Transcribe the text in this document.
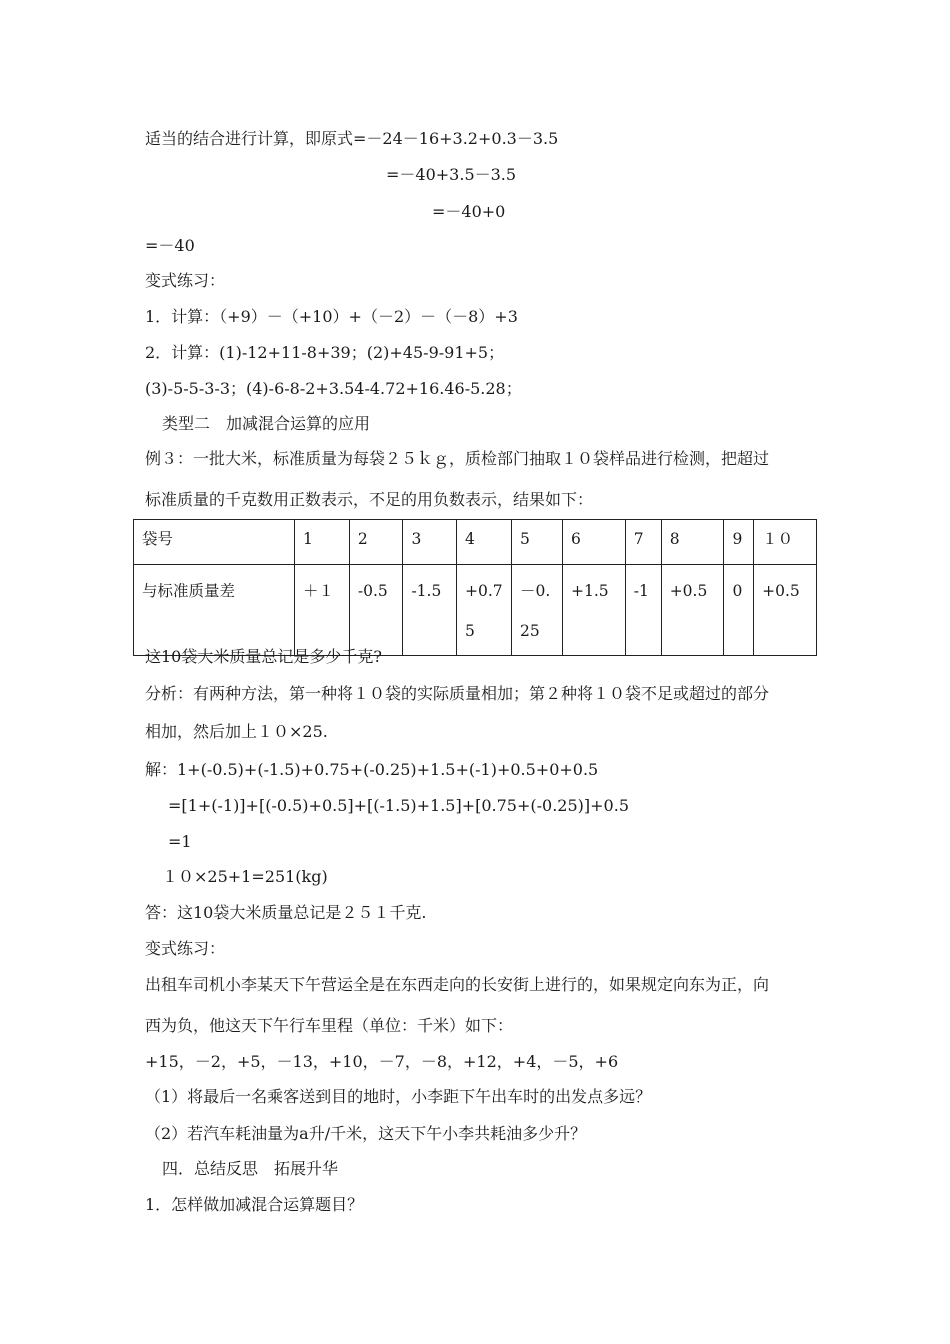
适当的结合进行计算，即原式=－24－16+3.2+0.3－3.5
=－40+3.5－3.5
=－40+0
=－40
变式练习：
1．计算：（+9）－（+10）+（－2）－（－8）+3
2．计算：(1)-12+11-8+39；(2)+45-9-91+5；
(3)-5-5-3-3；(4)-6-8-2+3.54-4.72+16.46-5.28；
类型二　加减混合运算的应用
例３：一批大米，标准质量为每袋２５ｋｇ，质检部门抽取１０袋样品进行检测，把超过
标准质量的千克数用正数表示，不足的用负数表示，结果如下：
袋号	1	2	3	4	5	6	7	8	9	１０
与标准质量差	＋１	-0.5	-1.5	+0.75	－0.25	+1.5	-1	+0.5	0	+0.5
这10袋大米质量总记是多少千克?
分析：有两种方法，第一种将１０袋的实际质量相加；第２种将１０袋不足或超过的部分
相加，然后加上１０×25.
解：1+(-0.5)+(-1.5)+0.75+(-0.25)+1.5+(-1)+0.5+0+0.5
=[1+(-1)]+[(-0.5)+0.5]+[(-1.5)+1.5]+[0.75+(-0.25)]+0.5
=1
１０×25+1=251(kg)
答：这10袋大米质量总记是２５１千克.
变式练习：
出租车司机小李某天下午营运全是在东西走向的长安街上进行的，如果规定向东为正，向
西为负，他这天下午行车里程（单位：千米）如下：
+15，－2，+5，－13，+10，－7，－8，+12，+4，－5，+6
（1）将最后一名乘客送到目的地时，小李距下午出车时的出发点多远？
（2）若汽车耗油量为a升/千米，这天下午小李共耗油多少升？
四．总结反思　拓展升华
1．怎样做加减混合运算题目？
